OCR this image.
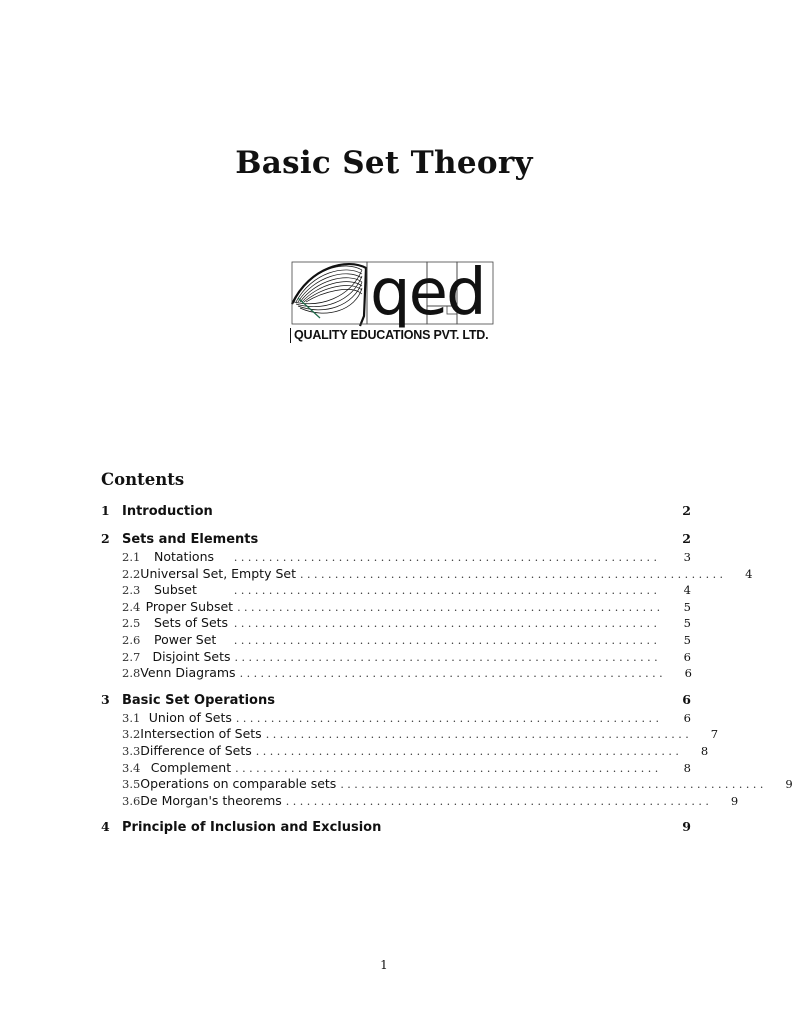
Basic Set Theory
qed
QUALITY EDUCATIONS PVT. LTD.
Contents
1 Introduction	2
2 Sets and Elements	2
2.1	Notations	. . . . . . . . . . . . . . . . . . . . . . . . . . . . . . . . . . . . . . . . . . . . . . . . . . . . . . . . . . . . .	3
2.2 Universal Set, Empty Set . . . . . . . . . . . . . . . . . . . . . . . . . . . . . . . . . . . . . . . . . . . . . . . . . . . . . . . . . . . . .	4
2.3	Subset	. . . . . . . . . . . . . . . . . . . . . . . . . . . . . . . . . . . . . . . . . . . . . . . . . . . . . . . . . . . . .	4
2.4 Proper Subset . . . . . . . . . . . . . . . . . . . . . . . . . . . . . . . . . . . . . . . . . . . . . . . . . . . . . . . . . . . . .	5
2.5	Sets of Sets . . . . . . . . . . . . . . . . . . . . . . . . . . . . . . . . . . . . . . . . . . . . . . . . . . . . . . . . . . . . .	5
2.6	Power Set	. . . . . . . . . . . . . . . . . . . . . . . . . . . . . . . . . . . . . . . . . . . . . . . . . . . . . . . . . . . . .	5
2.7 Disjoint Sets . . . . . . . . . . . . . . . . . . . . . . . . . . . . . . . . . . . . . . . . . . . . . . . . . . . . . . . . . . . . .	6
2.8 Venn Diagrams . . . . . . . . . . . . . . . . . . . . . . . . . . . . . . . . . . . . . . . . . . . . . . . . . . . . . . . . . . . . .	6
3 Basic Set Operations	6
3.1 Union of Sets . . . . . . . . . . . . . . . . . . . . . . . . . . . . . . . . . . . . . . . . . . . . . . . . . . . . . . . . . . . . .	6
3.2 Intersection of Sets . . . . . . . . . . . . . . . . . . . . . . . . . . . . . . . . . . . . . . . . . . . . . . . . . . . . . . . . . . . . .	7
3.3 Difference of Sets . . . . . . . . . . . . . . . . . . . . . . . . . . . . . . . . . . . . . . . . . . . . . . . . . . . . . . . . . . . . .	8
3.4 Complement . . . . . . . . . . . . . . . . . . . . . . . . . . . . . . . . . . . . . . . . . . . . . . . . . . . . . . . . . . . . .	8
3.5 Operations on comparable sets . . . . . . . . . . . . . . . . . . . . . . . . . . . . . . . . . . . . . . . . . . . . . . . . . . . . . . . . . . . . .	9
3.6 De Morgan's theorems . . . . . . . . . . . . . . . . . . . . . . . . . . . . . . . . . . . . . . . . . . . . . . . . . . . . . . . . . . . . .	9
4 Principle of Inclusion and Exclusion	9
1
